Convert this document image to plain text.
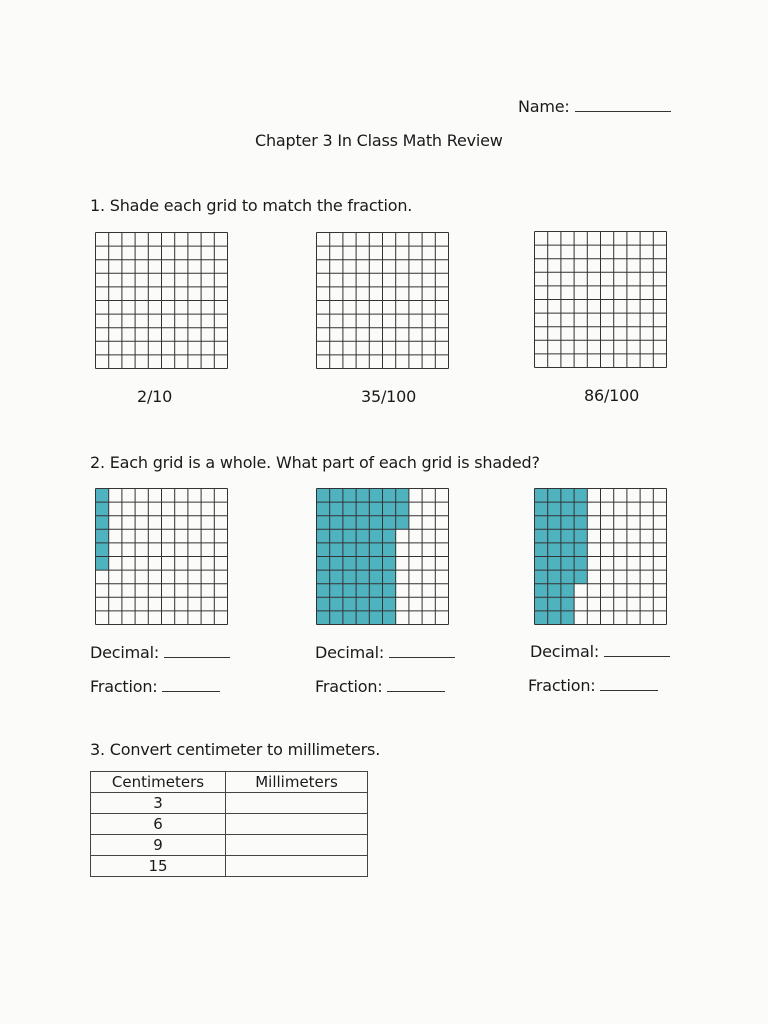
Name:
Chapter 3 In Class Math Review
1. Shade each grid to match the fraction.
2/10	35/100	86/100
2. Each grid is a whole. What part of each grid is shaded?
Decimal:	Decimal:	Decimal:
Fraction:	Fraction:	Fraction:
3. Convert centimeter to millimeters.
Centimeters	Millimeters
3	
6	
9	
15	
